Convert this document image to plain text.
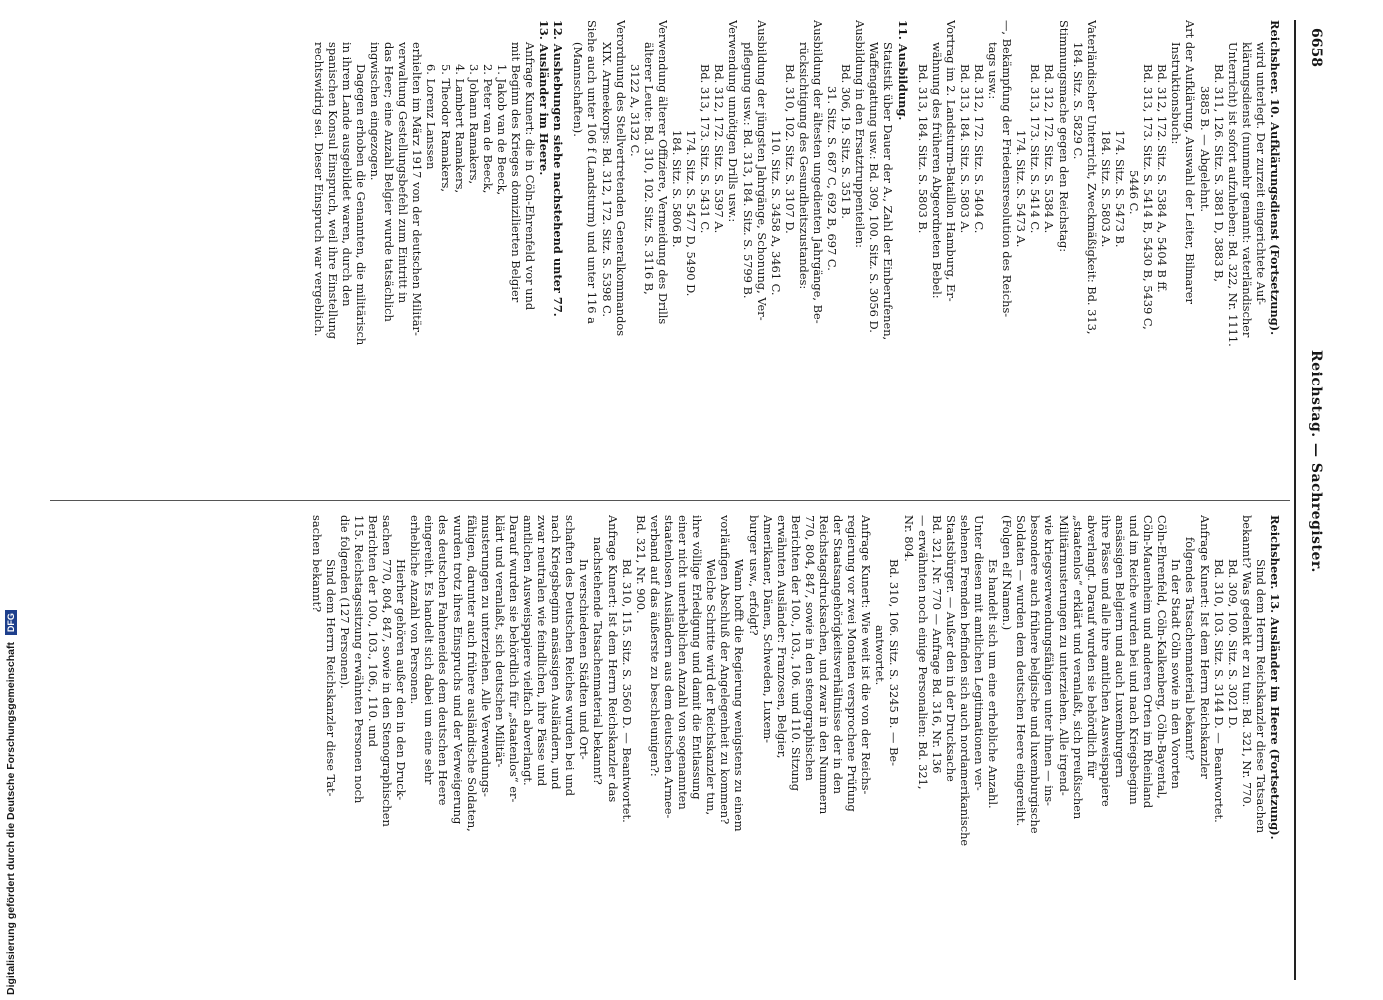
6658
Reichstag. — Sachregister.
Reichsheer. 10. Aufklärungsdienst (Fortsetzung).
wird unterlegt. Der zurzeit eingerichtete Auf-
klärungsdienst (nunmehr genannt: vaterländischer
Unterricht) ist sofort aufzuheben: Bd. 322, Nr. 1111.
Bd. 311, 126. Sitz. S. 3881 D, 3883 B,
3885 B. — Abgelehnt.
Art der Aufklärung, Auswahl der Leiter, Bilmarer
Instruktionsbuch:
Bd. 312, 172. Sitz. S. 5384 A, 5404 B ff.
Bd. 313, 173. Sitz. S. 5414 B, 5430 B, 5439 C,
5446 C.
174. Sitz. S. 5473 B.
184. Sitz. S. 5803 A.
Vaterländischer Unterricht, Zweckmäßigkeit: Bd. 313,
184. Sitz. S. 5829 C.
Stimmungsmache gegen den Reichstag:
Bd. 312, 172. Sitz. S. 5384 A.
Bd. 313, 173. Sitz. S. 5414 C.
174. Sitz. S. 5473 A.
—, Bekämpfung der Friedensresolution des Reichs-
tags usw.:
Bd. 312, 172. Sitz. S. 5404 C.
Bd. 313, 184. Sitz. S. 5803 A.
Vortrag im 2. Landsturm-Bataillon Hamburg, Er-
wähnung des früheren Abgeordneten Bebel:
Bd. 313, 184. Sitz. S. 5803 B.
11. Ausbildung.
Statistik über Dauer der A., Zahl der Einberufenen,
Waffengattung usw.: Bd. 309, 100. Sitz. S. 3056 D.
Ausbildung in den Ersatztruppenteilen:
Bd. 306, 19. Sitz. S. 351 B.
31. Sitz. S. 687 C, 692 B, 697 C.
Ausbildung der ältesten ungedienten Jahrgänge, Be-
rücksichtigung des Gesundheitszustandes:
Bd. 310, 102. Sitz. S. 3107 D.
110. Sitz. S. 3458 A, 3461 C.
Ausbildung der jüngsten Jahrgänge, Schonung, Ver-
pflegung usw.: Bd. 313, 184. Sitz. S. 5799 B.
Verwendung unnötigen Drills usw.:
Bd. 312, 172. Sitz. S. 5397 A.
Bd. 313, 173. Sitz. S. 5431 C.
174. Sitz. S. 5477 D, 5490 D.
184. Sitz. S. 5806 B.
Verwendung älterer Offiziere, Vermeidung des Drills
älterer Leute: Bd. 310, 102. Sitz. S. 3116 B,
3122 A, 3132 C.
Verordnung des Stellvertretenden Generalkommandos
XIX. Armeekorps: Bd. 312, 172. Sitz. S. 5398 C.
Siehe auch unter 106 f (Landsturm) und unter 116 a
(Mannschaften).
12. Aushebungen siehe nachstehend unter 77.
13. Ausländer im Heere.
Anfrage Kunert: die in Cöln-Ehrenfeld vor und
mit Beginn des Krieges domizilierten Belgier
1. Jakob van de Beeck,
2. Peter van de Beeck,
3. Johann Ramakers,
4. Lambert Ramakers,
5. Theodor Ramakers,
6. Lorenz Lanssen
erhielten im März 1917 von der deutschen Militär-
verwaltung Gestellungsbefehl zum Eintritt in
das Heer; eine Anzahl Belgier wurde tatsächlich
ingwischen eingezogen.
Dagegen erhoben die Genannten, die militärisch
in ihrem Lande ausgebildet waren, durch den
spanischen Konsul Einspruch, weil ihre Einstellung
rechtswidrig sei. Dieser Einspruch war vergeblich.
Reichsheer. 13. Ausländer im Heere (Fortsetzung).
Sind dem Herrn Reichskanzler diese Tatsachen
bekannt? Was gedenkt er zu tun: Bd. 321, Nr. 770.
Bd. 309, 100. Sitz. S. 3021 D.
Bd. 310, 103. Sitz. S. 3144 D. — Beantwortet.
Anfrage Kunert: Ist dem Herrn Reichskanzler
folgendes Tatsachenmaterial bekannt?
In der Stadt Cöln sowie in den Vororten
Cöln-Ehrenfeld, Cöln-Kalkenberg, Cöln-Bayental,
Cöln-Mauenheim und anderen Orten im Rheinland
und im Reiche wurden bei und nach Kriegsbeginn
ansässigen Belgiern und auch Luxemburgern
ihre Pässe und alle ihre amtlichen Ausweispapiere
abverlangt. Darauf wurden sie behördlich für
„staatenlos“ erklärt und veranlaßt, sich preußischen
Militärmusterungen zu unterziehen. Alle irgend-
wie kriegsverwendungsfähigen unter ihnen — ins-
besondere auch frühere belgische und luxemburgische
Soldaten — wurden dem deutschen Heere eingereiht.
(Folgen elf Namen.)
Es handelt sich um eine erhebliche Anzahl.
Unter diesen mit amtlichen Legitimationen ver-
sehenen Fremden befinden sich auch nordamerikanische
Staatsbürger. — Außer den in der Drucksache
Bd. 321, Nr. 770 — Anfrage Bd. 316, Nr. 136
— erwähnten noch einige Personalien: Bd. 321,
Nr. 804.
Bd. 310, 106. Sitz. S. 3245 B. — Be-
antwortet.
Anfrage Kunert: Wie weit ist die von der Reichs-
regierung vor zwei Monaten versprochene Prüfung
der Staatsangehörigkeitsverhältnisse der in den
Reichstagsdrucksachen, und zwar in den Nummern
770, 804, 847, sowie in den stenographischen
Berichten der 100., 103., 106. und 110. Sitzung
erwähnten Ausländer: Franzosen, Belgier,
Amerikaner, Dänen, Schweden, Luxem-
burger usw., erfolgt?
Wann hofft die Regierung wenigstens zu einem
vorläufigen Abschluß der Angelegenheit zu kommen?
Welche Schritte wird der Reichskanzler tun,
ihre völlige Erledigung und damit die Entlassung
einer nicht unerheblichen Anzahl von sogenannten
staatenlosen Ausländern aus dem deutschen Armee-
verband auf das äußerste zu beschleunigen?:
Bd. 321, Nr. 900.
Bd. 310, 115. Sitz. S. 3560 D. — Beantwortet.
Anfrage Kunert: Ist dem Herrn Reichskanzler das
nachstehende Tatsachenmaterial bekannt?
In verschiedenen Städten und Ort-
schaften des Deutschen Reiches wurden bei und
nach Kriegsbeginn ansässigen Ausländern, und
zwar neutralen wie feindlichen, ihre Pässe und
amtlichen Ausweispapiere vielfach abverlangt.
Darauf wurden sie behördlich für „staatenlos“ er-
klärt und veranlaßt, sich deutschen Militär-
musterungen zu unterziehen. Alle Verwendungs-
fähigen, darunter auch frühere ausländische Soldaten,
wurden trotz ihres Einspruchs und der Verweigerung
des deutschen Fahneneides dem deutschen Heere
eingereiht. Es handelt sich dabei um eine sehr
erhebliche Anzahl von Personen.
Hierher gehören außer den in den Druck-
sachen 770, 804, 847, sowie in den Stenographischen
Berichten der 100., 103., 106., 110. und
115. Reichstagssitzung erwähnten Personen noch
die folgenden (127 Personen).
Sind dem Herrn Reichskanzler diese Tat-
sachen bekannt?
Digitalisierung gefördert durch die Deutsche Forschungsgemeinschaft DFG
